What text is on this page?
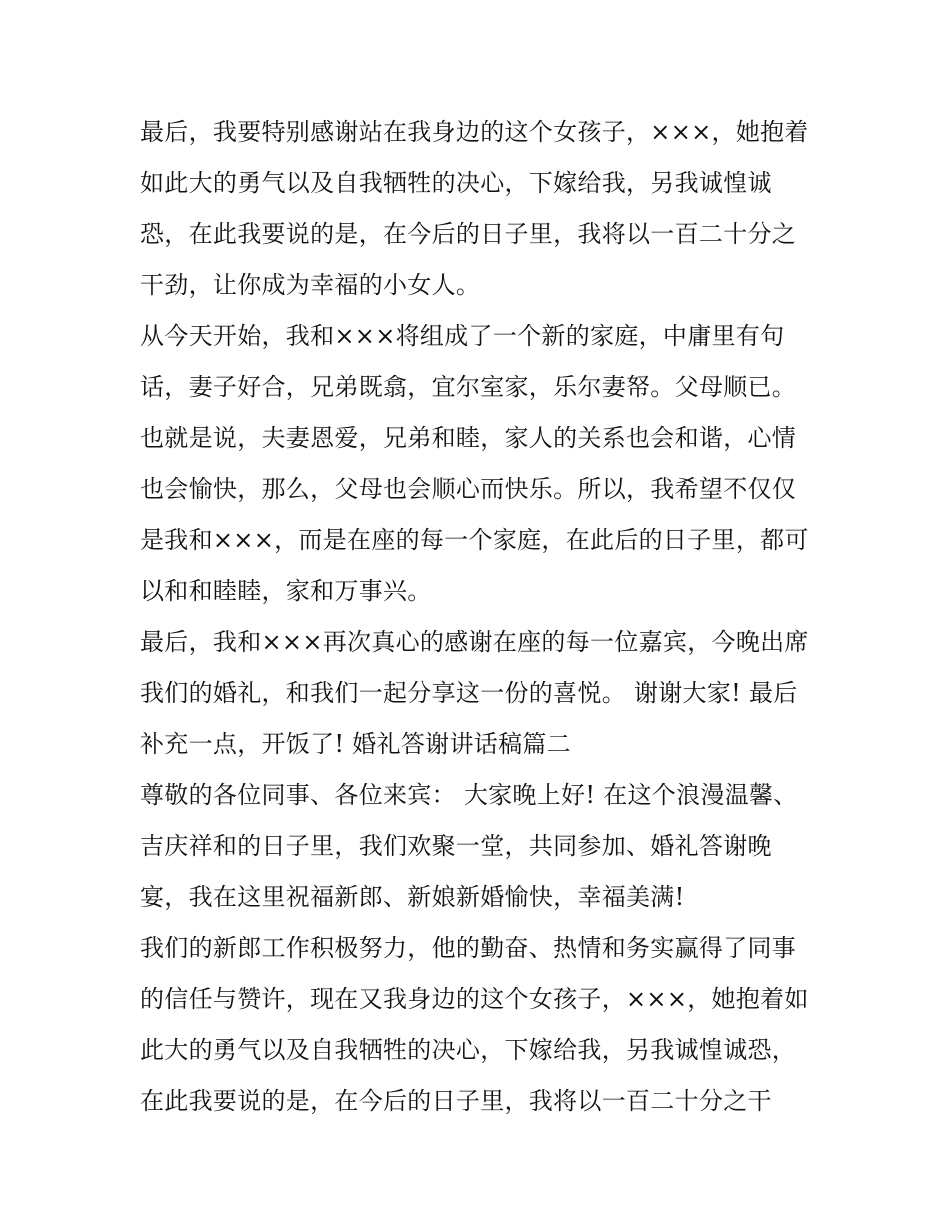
最后，我要特别感谢站在我身边的这个女孩子，×××，她抱着
如此大的勇气以及自我牺牲的决心，下嫁给我，另我诚惶诚
恐，在此我要说的是，在今后的日子里，我将以一百二十分之
干劲，让你成为幸福的小女人。
从今天开始，我和×××将组成了一个新的家庭，中庸里有句
话，妻子好合，兄弟既翕，宜尔室家，乐尔妻帑。父母顺已。
也就是说，夫妻恩爱，兄弟和睦，家人的关系也会和谐，心情
也会愉快，那么，父母也会顺心而快乐。所以，我希望不仅仅
是我和×××，而是在座的每一个家庭，在此后的日子里，都可
以和和睦睦，家和万事兴。
最后，我和×××再次真心的感谢在座的每一位嘉宾，今晚出席
我们的婚礼，和我们一起分享这一份的喜悦。 谢谢大家! 最后
补充一点，开饭了! 婚礼答谢讲话稿篇二
尊敬的各位同事、各位来宾： 大家晚上好! 在这个浪漫温馨、
吉庆祥和的日子里，我们欢聚一堂，共同参加、婚礼答谢晚
宴，我在这里祝福新郎、新娘新婚愉快，幸福美满!
我们的新郎工作积极努力，他的勤奋、热情和务实赢得了同事
的信任与赞许，现在又我身边的这个女孩子，×××，她抱着如
此大的勇气以及自我牺牲的决心，下嫁给我，另我诚惶诚恐，
在此我要说的是，在今后的日子里，我将以一百二十分之干
